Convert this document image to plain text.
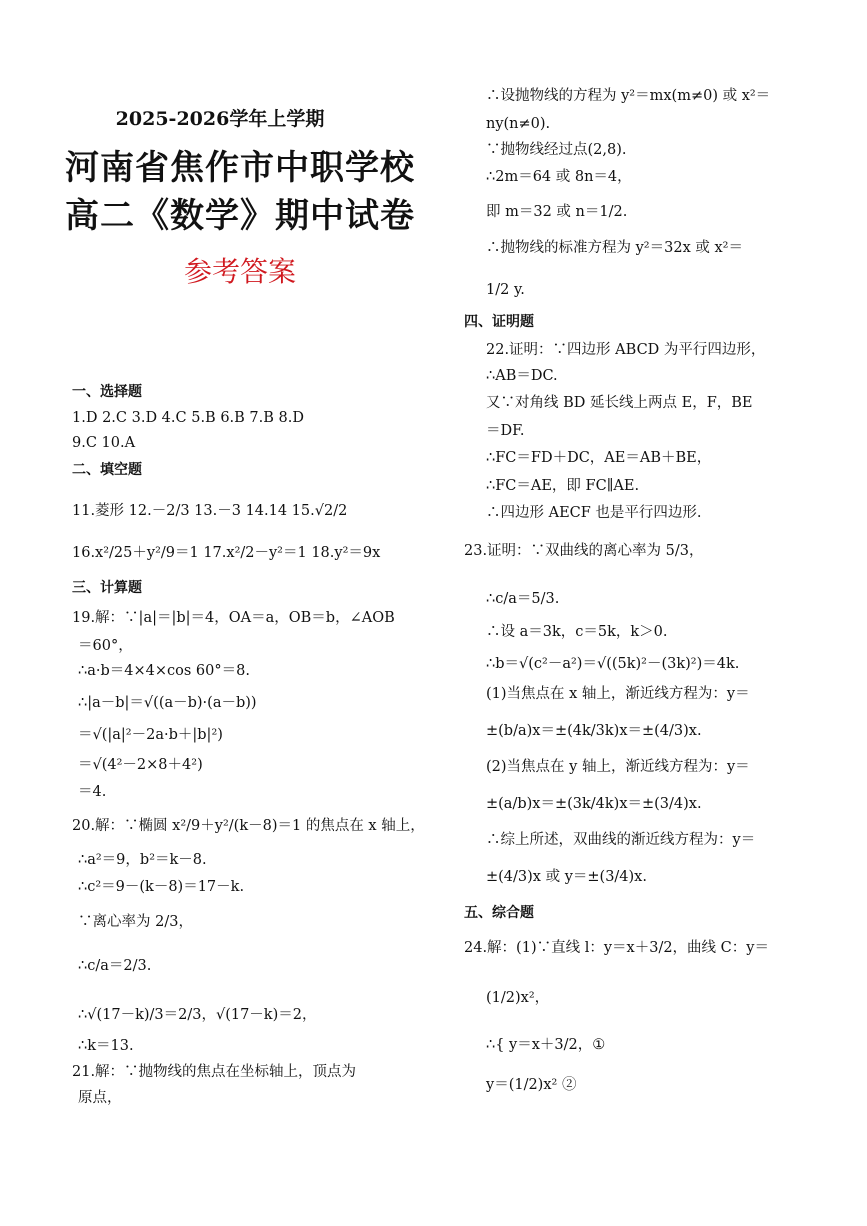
2025-2026学年上学期
河南省焦作市中职学校
高二《数学》期中试卷
参考答案
一、选择题
1.D 2.C 3.D 4.C 5.B 6.B 7.B 8.D
9.C 10.A
二、填空题
11.菱形 12.－2/3 13.－3 14.14 15.√2/2
16.x²/25＋y²/9＝1 17.x²/2－y²＝1 18.y²＝9x
三、计算题
19.解：∵|a|＝|b|＝4，OA＝a，OB＝b，∠AOB
＝60°，
∴a·b＝4×4×cos 60°＝8.
∴|a－b|＝√((a－b)·(a－b))
＝√(|a|²－2a·b＋|b|²)
＝√(4²－2×8＋4²)
＝4.
20.解：∵椭圆 x²/9＋y²/(k－8)＝1 的焦点在 x 轴上，
∴a²＝9，b²＝k－8.
∴c²＝9－(k－8)＝17－k.
∵离心率为 2/3，
∴c/a＝2/3.
∴√(17－k)/3＝2/3，√(17－k)＝2，
∴k＝13.
21.解：∵抛物线的焦点在坐标轴上，顶点为
原点，
∴设抛物线的方程为 y²＝mx(m≠0) 或 x²＝
ny(n≠0).
∵抛物线经过点(2,8).
∴2m＝64 或 8n＝4，
即 m＝32 或 n＝1/2.
∴抛物线的标准方程为 y²＝32x 或 x²＝
1/2 y.
四、证明题
22.证明：∵四边形 ABCD 为平行四边形，
∴AB＝DC.
又∵对角线 BD 延长线上两点 E，F，BE
＝DF.
∴FC＝FD＋DC，AE＝AB＋BE，
∴FC＝AE，即 FC∥AE.
∴四边形 AECF 也是平行四边形.
23.证明：∵双曲线的离心率为 5/3，
∴c/a＝5/3.
∴设 a＝3k，c＝5k，k＞0.
∴b＝√(c²－a²)＝√((5k)²－(3k)²)＝4k.
(1)当焦点在 x 轴上，渐近线方程为：y＝
±(b/a)x＝±(4k/3k)x＝±(4/3)x.
(2)当焦点在 y 轴上，渐近线方程为：y＝
±(a/b)x＝±(3k/4k)x＝±(3/4)x.
∴综上所述，双曲线的渐近线方程为：y＝
±(4/3)x 或 y＝±(3/4)x.
五、综合题
24.解：(1)∵直线 l：y＝x＋3/2，曲线 C：y＝
(1/2)x²，
∴{ y＝x＋3/2，①
y＝(1/2)x² ②
